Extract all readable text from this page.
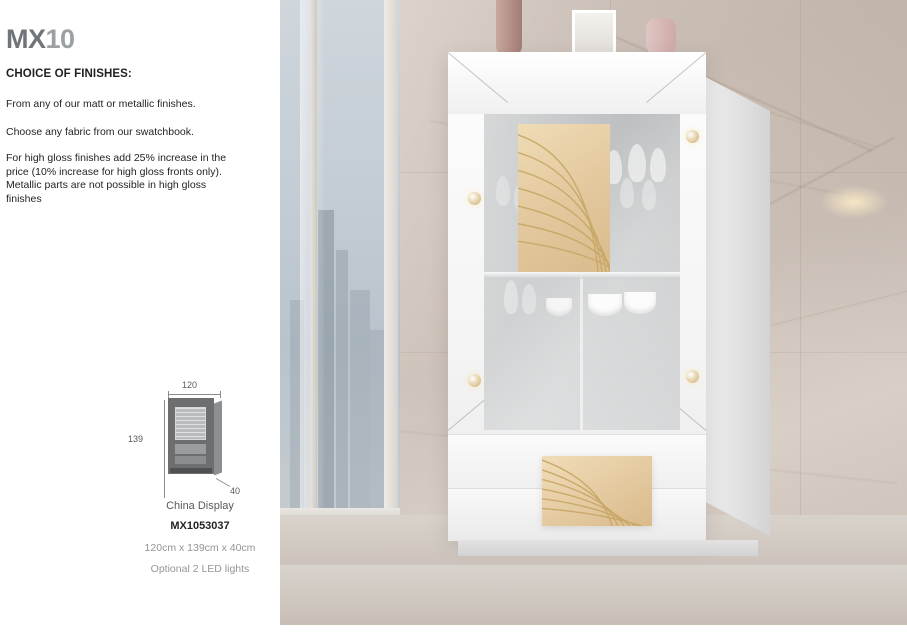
MX10
CHOICE OF FINISHES:
From any of our matt or metallic finishes.
Choose any fabric from our swatchbook.
For high gloss finishes add 25% increase in the price (10% increase for high gloss fronts only). Metallic parts are not possible in high gloss finishes
120
139
40
China Display
MX1053037
120cm x 139cm x 40cm
Optional 2 LED lights
